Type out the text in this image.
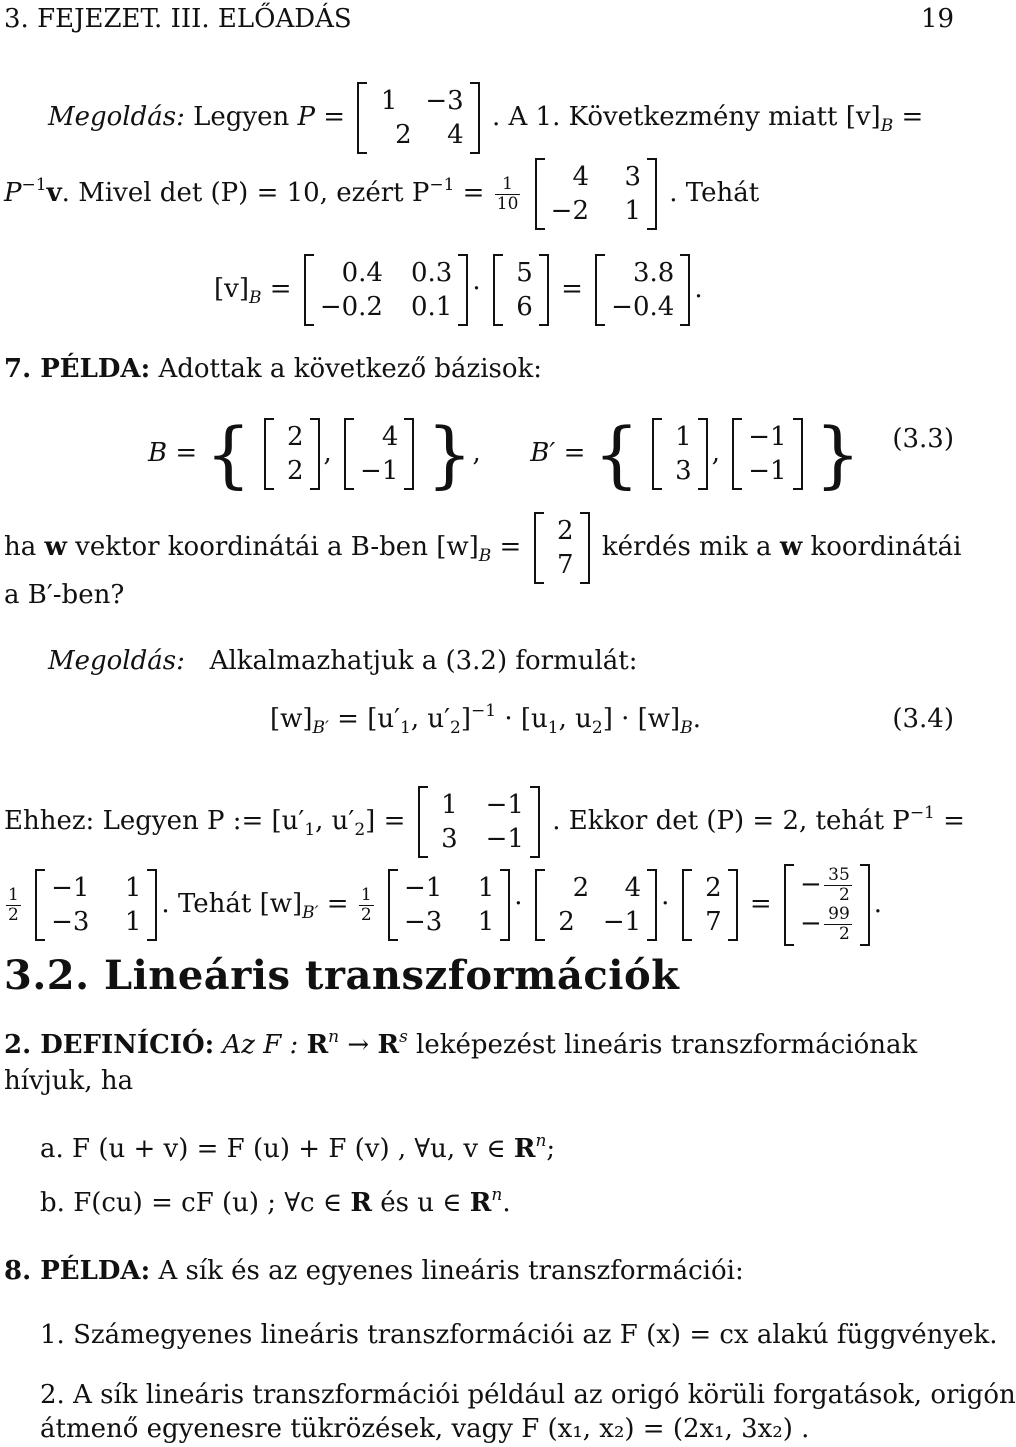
3. FEJEZET. III. ELŐADÁS	19
Megoldás: Legyen P =
1 −3
2 4
. A 1. Következmény miatt $[v]_B$ =
$P^{-1}v$. Mivel det (P) = 10, ezért $P^{-1} = \frac{1}{10}$
4 3
−2 1
. Tehát
$[v]_B$ =
0.4 0.3
−0.2 0.1
·
5
6
=
3.8
−0.4
.
7. PÉLDA: Adottak a következő bázisok:
B = { 2
2
,
4
−1 },      B′ = { 1
3
,
−1
−1 }	(3.3)
ha w vektor koordinátái a B-ben $[w]_B$ =
2
7
kérdés mik a w koordinátái
a B′-ben?
Megoldás: Alkalmazhatjuk a (3.2) formulát:
$[w]_{B'} = [u'_1$, $u'_2]^{-1} \cdot [u_1$, $u_2] \cdot [w]_B$.	(3.4)
Ehhez: Legyen P := [$u'_1$, $u'_2$] =
1 −1
3 −1
. Ekkor det (P) = 2, tehát $P^{-1}$ =
$\frac{1}{2}$
−1 1
−3 1
. Tehát $[w]_{B'} = \frac{1}{2}$
−1 1
−3 1
·
2 4
2 −1
·
2
7
=
− $\frac{35}{2}$
− $\frac{99}{2}$
.
3.2. Lineáris transzformációk
2. DEFINÍCIÓ: Az F : $R^n \to R^s$ leképezést lineáris transzformációnak
hívjuk, ha
a. F (u + v) = F (u) + F (v) , ∀u, v ∈ $R^n$;
b. F(cu) = cF (u) ; ∀c ∈ R és u ∈ $R^n$.
8. PÉLDA: A sík és az egyenes lineáris transzformációi:
1. Számegyenes lineáris transzformációi az F (x) = cx alakú függvények.
2. A sík lineáris transzformációi például az origó körüli forgatások, origón
átmenő egyenesre tükrözések, vagy F (x₁, x₂) = (2x₁, 3x₂) .
